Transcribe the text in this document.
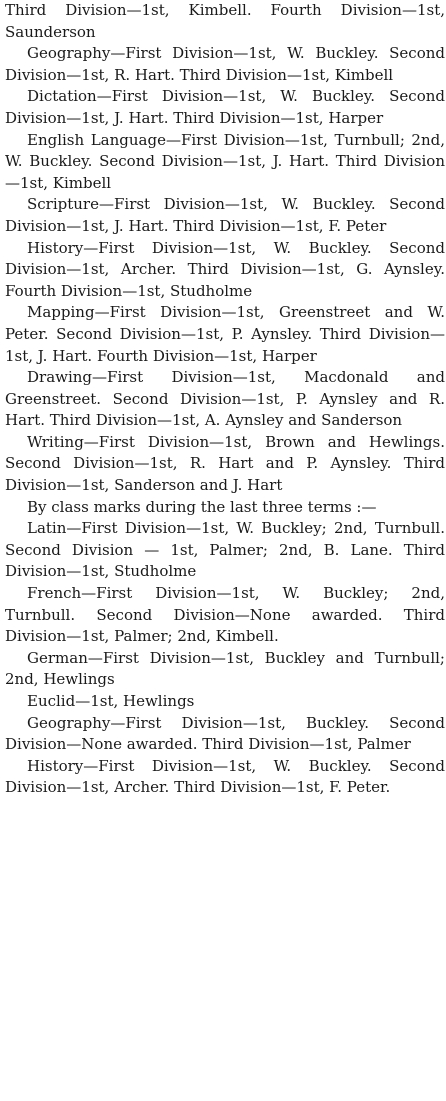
Third Division—1st, Kimbell. Fourth Division—1st, Saunderson

Geography—First Division—1st, W. Buckley. Second Division—1st, R. Hart. Third Division—1st, Kimbell

Dictation—First Division—1st, W. Buckley. Second Division—1st, J. Hart. Third Division—1st, Harper

English Language—First Division—1st, Turnbull; 2nd, W. Buckley. Second Division—1st, J. Hart. Third Division—1st, Kimbell

Scripture—First Division—1st, W. Buckley. Second Division—1st, J. Hart. Third Division—1st, F. Peter

History—First Division—1st, W. Buckley. Second Division—1st, Archer. Third Division—1st, G. Aynsley. Fourth Division—1st, Studholme

Mapping—First Division—1st, Greenstreet and W. Peter. Second Division—1st, P. Aynsley. Third Division—1st, J. Hart. Fourth Division—1st, Harper

Drawing—First Division—1st, Macdonald and Greenstreet. Second Division—1st, P. Aynsley and R. Hart. Third Division—1st, A. Aynsley and Sanderson

Writing—First Division—1st, Brown and Hewlings. Second Division—1st, R. Hart and P. Aynsley. Third Division—1st, Sanderson and J. Hart

By class marks during the last three terms :—

Latin—First Division—1st, W. Buckley; 2nd, Turnbull. Second Division — 1st, Palmer; 2nd, B. Lane. Third Division—1st, Studholme

French—First Division—1st, W. Buckley; 2nd, Turnbull. Second Division—None awarded. Third Division—1st, Palmer; 2nd, Kimbell.

German—First Division—1st, Buckley and Turnbull; 2nd, Hewlings

Euclid—1st, Hewlings

Geography—First Division—1st, Buckley. Second Division—None awarded. Third Division—1st, Palmer

History—First Division—1st, W. Buckley. Second Division—1st, Archer. Third Division—1st, F. Peter.
